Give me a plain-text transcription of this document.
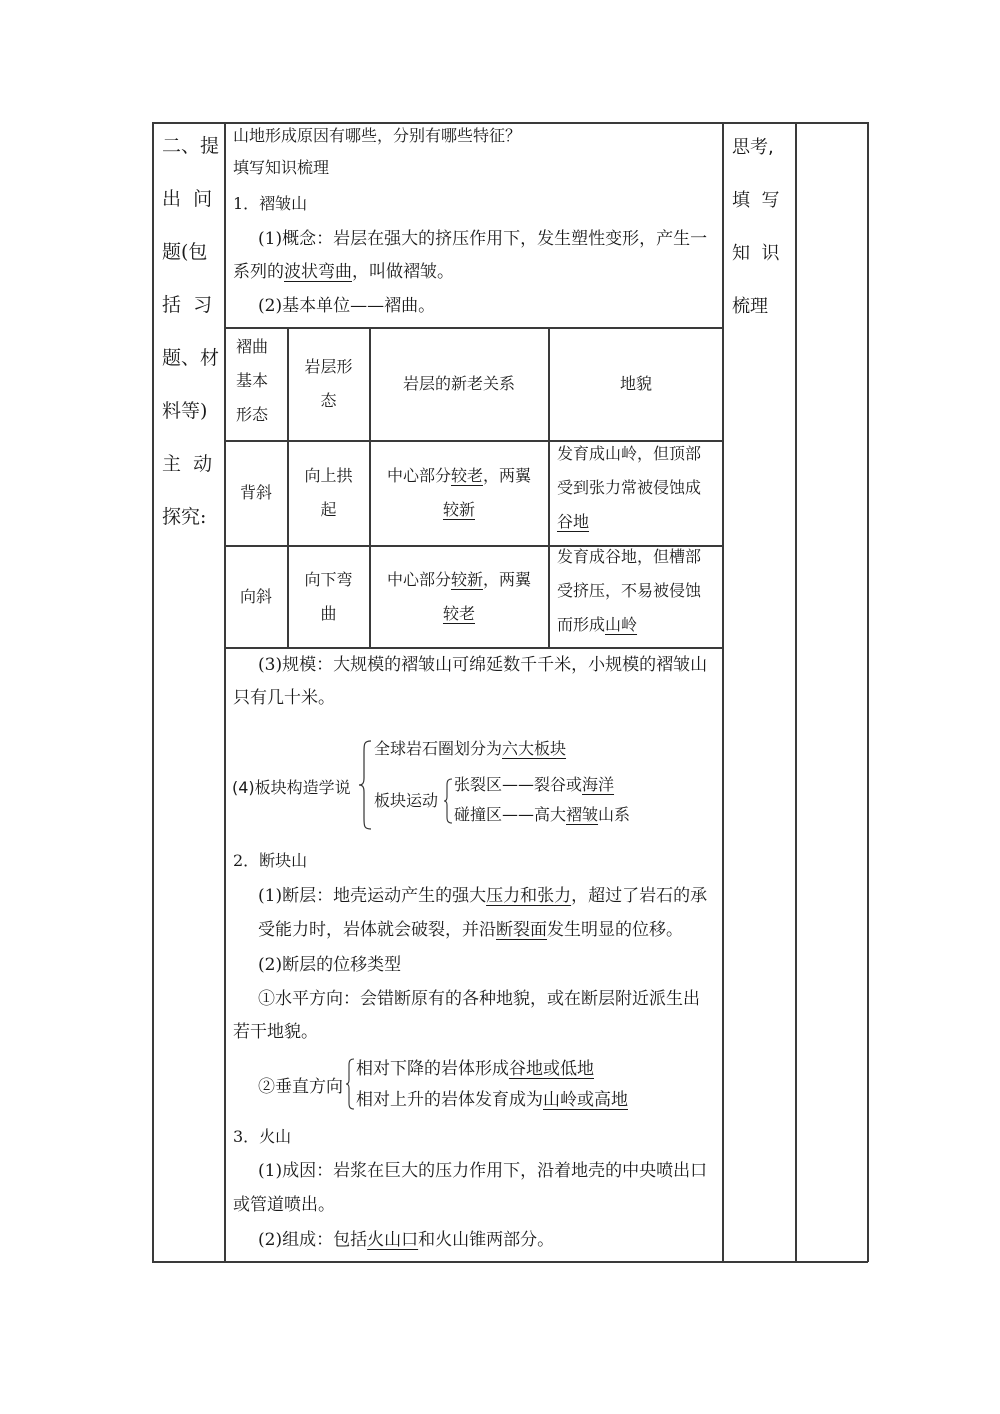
二、提
出  问
题(包
括  习
题、材
料等)
主  动
探究:
思考,
填  写
知  识
梳理
山地形成原因有哪些，分别有哪些特征？
填写知识梳理
1．褶皱山
(1)概念：岩层在强大的挤压作用下，发生塑性变形，产生一
系列的波状弯曲，叫做褶皱。
(2)基本单位——褶曲。
褶曲
基本
形态
岩层形
态
岩层的新老关系	地貌
背斜
向上拱
起
中心部分较老，两翼
较新
发育成山岭，但顶部
受到张力常被侵蚀成
谷地
向斜
向下弯
曲
中心部分较新，两翼
较老
发育成谷地，但槽部
受挤压，不易被侵蚀
而形成山岭
(3)规模：大规模的褶皱山可绵延数千千米，小规模的褶皱山
只有几十米。
(4)板块构造学说
全球岩石圈划分为六大板块
板块运动
张裂区——裂谷或海洋
碰撞区——高大褶皱山系
2．断块山
(1)断层：地壳运动产生的强大压力和张力，超过了岩石的承
受能力时，岩体就会破裂，并沿断裂面发生明显的位移。
(2)断层的位移类型
①水平方向：会错断原有的各种地貌，或在断层附近派生出
若干地貌。
②垂直方向
相对下降的岩体形成谷地或低地
相对上升的岩体发育成为山岭或高地
3．火山
(1)成因：岩浆在巨大的压力作用下，沿着地壳的中央喷出口
或管道喷出。
(2)组成：包括火山口和火山锥两部分。
